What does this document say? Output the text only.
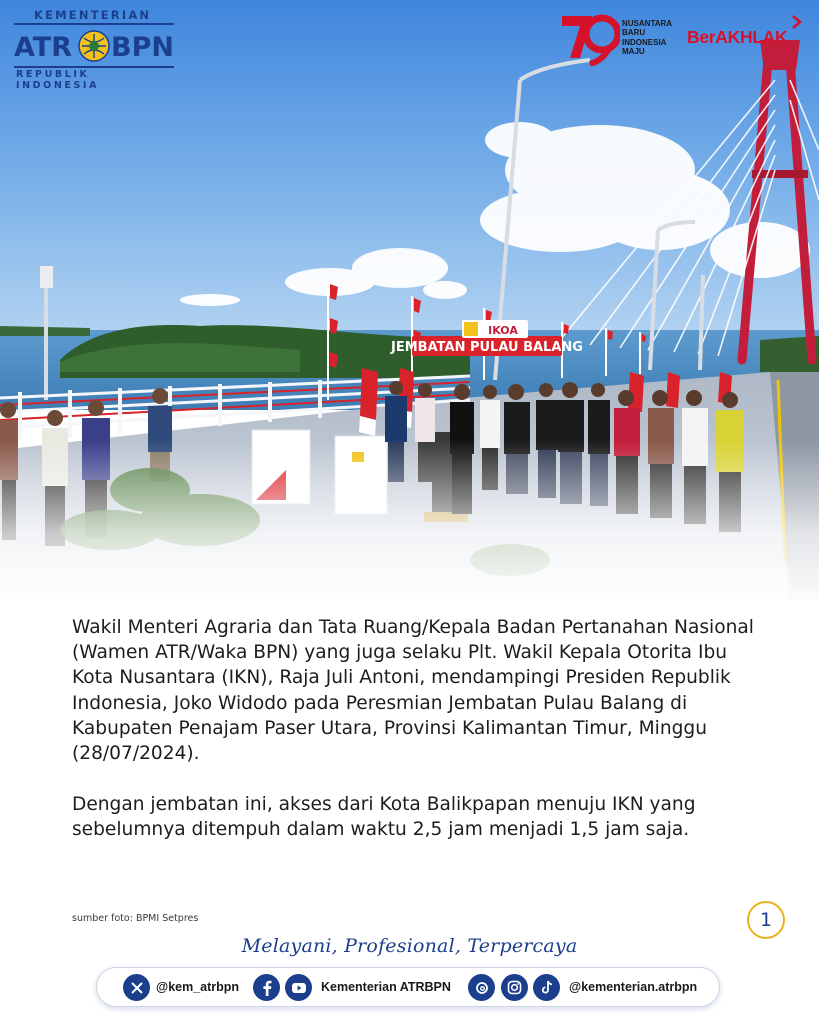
JEMBATAN PULAU BALANG
IKOA
KEMENTERIAN
ATR BPN
REPUBLIK INDONESIA
79
NUSANTARA
BARU
INDONESIA
MAJU
BerAKHLAK

Wakil Menteri Agraria dan Tata Ruang/Kepala Badan Pertanahan Nasional (Wamen ATR/Waka BPN) yang juga selaku Plt. Wakil Kepala Otorita Ibu Kota Nusantara (IKN), Raja Juli Antoni, mendampingi Presiden Republik Indonesia, Joko Widodo pada Peresmian Jembatan Pulau Balang di Kabupaten Penajam Paser Utara, Provinsi Kalimantan Timur, Minggu (28/07/2024).

Dengan jembatan ini, akses dari Kota Balikpapan menuju IKN yang sebelumnya ditempuh dalam waktu 2,5 jam menjadi 1,5 jam saja.

sumber foto: BPMI Setpres	1
Melayani, Profesional, Terpercaya
@kem_atrbpn	Kementerian ATRBPN	@kementerian.atrbpn
